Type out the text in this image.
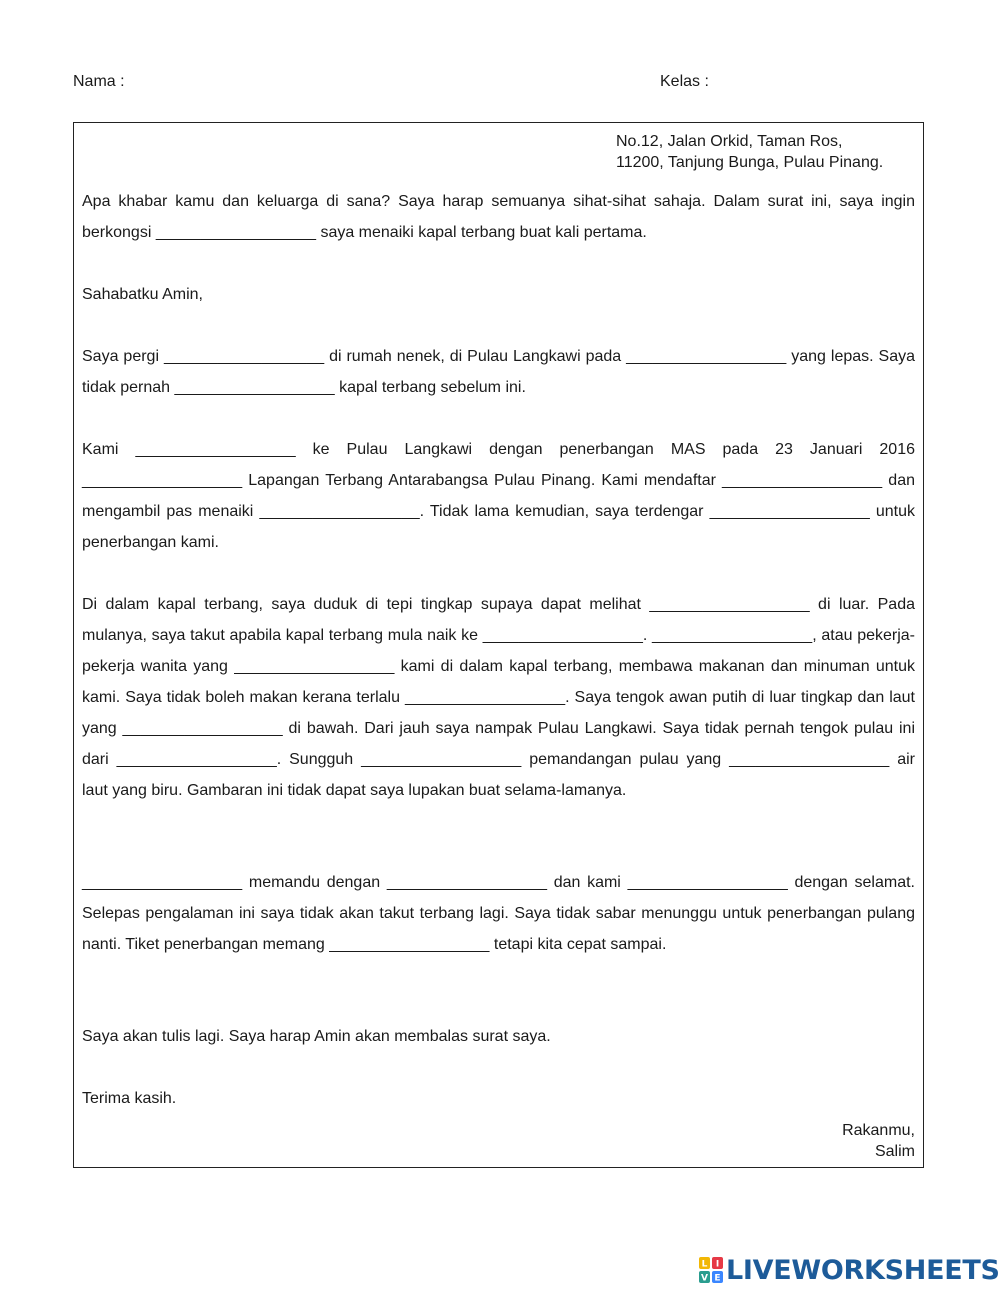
Nama :	Kelas :
No.12, Jalan Orkid, Taman Ros,
11200, Tanjung Bunga, Pulau Pinang.

Apa khabar kamu dan keluarga di sana? Saya harap semuanya sihat-sihat sahaja. Dalam surat ini, saya ingin berkongsi __________________ saya menaiki kapal terbang buat kali pertama.

Sahabatku Amin,

Saya pergi __________________ di rumah nenek, di Pulau Langkawi pada __________________ yang lepas. Saya tidak pernah __________________ kapal terbang sebelum ini.

Kami __________________ ke Pulau Langkawi dengan penerbangan MAS pada 23 Januari 2016 __________________ Lapangan Terbang Antarabangsa Pulau Pinang. Kami mendaftar __________________ dan mengambil pas menaiki __________________. Tidak lama kemudian, saya terdengar __________________ untuk penerbangan kami.

Di dalam kapal terbang, saya duduk di tepi tingkap supaya dapat melihat __________________ di luar. Pada mulanya, saya takut apabila kapal terbang mula naik ke __________________. __________________, atau pekerja-pekerja wanita yang __________________ kami di dalam kapal terbang, membawa makanan dan minuman untuk kami. Saya tidak boleh makan kerana terlalu __________________. Saya tengok awan putih di luar tingkap dan laut yang __________________ di bawah. Dari jauh saya nampak Pulau Langkawi. Saya tidak pernah tengok pulau ini dari __________________. Sungguh __________________ pemandangan pulau yang __________________ air laut yang biru. Gambaran ini tidak dapat saya lupakan buat selama-lamanya.

__________________ memandu dengan __________________ dan kami __________________ dengan selamat. Selepas pengalaman ini saya tidak akan takut terbang lagi. Saya tidak sabar menunggu untuk penerbangan pulang nanti. Tiket penerbangan memang __________________ tetapi kita cepat sampai.

Saya akan tulis lagi. Saya harap Amin akan membalas surat saya.

Terima kasih.

Rakanmu,
Salim
L I
V E LIVEWORKSHEETS
